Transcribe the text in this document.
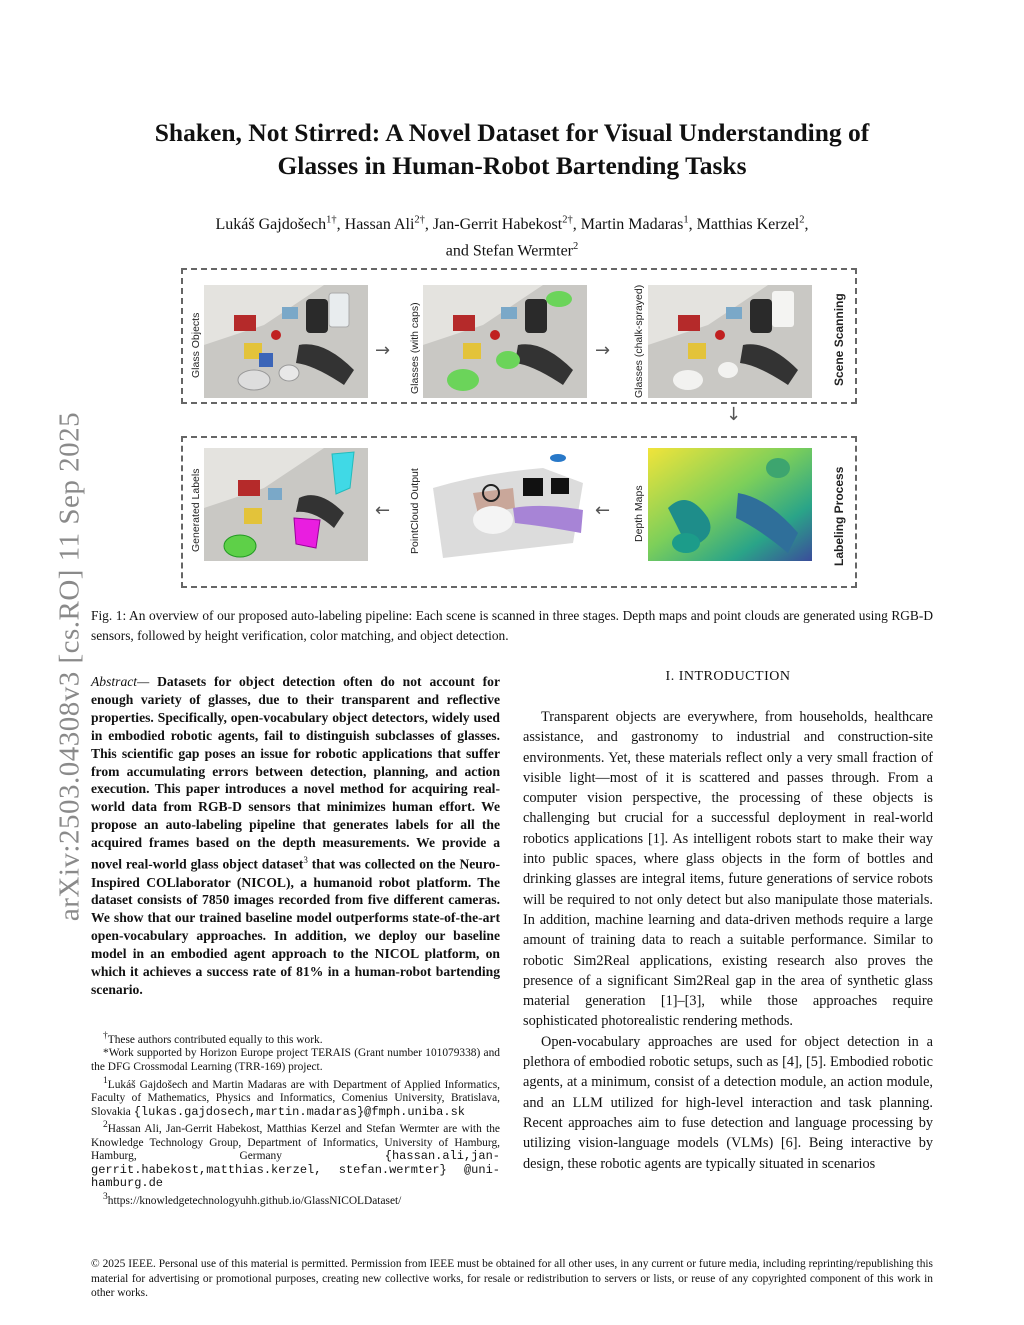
arXiv:2503.04308v3 [cs.RO] 11 Sep 2025
Shaken, Not Stirred: A Novel Dataset for Visual Understanding of
Glasses in Human-Robot Bartending Tasks
Lukáš Gajdošech$^{1\dagger}$, Hassan Ali$^{2\dagger}$, Jan-Gerrit Habekost$^{2\dagger}$, Martin Madaras$^1$, Matthias Kerzel$^2$,
and Stefan Wermter$^2$
Glass Objects	Glasses (with caps)	Glasses (chalk-sprayed)	Scene Scanning
→	→
↓
Generated Labels	PointCloud Output	Depth Maps	Labeling Process
←	←
Fig. 1: An overview of our proposed auto-labeling pipeline: Each scene is scanned in three stages. Depth maps and point clouds are generated using RGB-D sensors, followed by height verification, color matching, and object detection.
Abstract— Datasets for object detection often do not account for enough variety of glasses, due to their transparent and reflective properties. Specifically, open-vocabulary object detectors, widely used in embodied robotic agents, fail to distinguish subclasses of glasses. This scientific gap poses an issue for robotic applications that suffer from accumulating errors between detection, planning, and action execution. This paper introduces a novel method for acquiring real-world data from RGB-D sensors that minimizes human effort. We propose an auto-labeling pipeline that generates labels for all the acquired frames based on the depth measurements. We provide a novel real-world glass object dataset$^3$ that was collected on the Neuro-Inspired COLlaborator (NICOL), a humanoid robot platform. The dataset consists of 7850 images recorded from five different cameras. We show that our trained baseline model outperforms state-of-the-art open-vocabulary approaches. In addition, we deploy our baseline model in an embodied agent approach to the NICOL platform, on which it achieves a success rate of 81% in a human-robot bartending scenario.

†These authors contributed equally to this work.

*Work supported by Horizon Europe project TERAIS (Grant number 101079338) and the DFG Crossmodal Learning (TRR-169) project.

$^1$Lukáš Gajdošech and Martin Madaras are with Department of Applied Informatics, Faculty of Mathematics, Physics and Informatics, Comenius University, Bratislava, Slovakia {lukas.gajdosech,martin.madaras}@fmph.uniba.sk

$^2$Hassan Ali, Jan-Gerrit Habekost, Matthias Kerzel and Stefan Wermter are with the Knowledge Technology Group, Department of Informatics, University of Hamburg, Hamburg, Germany	{hassan.ali,jan-gerrit.habekost,matthias.kerzel, stefan.wermter} @uni-hamburg.de

$^3$https://knowledgetechnologyuhh.github.io/GlassNICOLDataset/

I. INTRODUCTION

Transparent objects are everywhere, from households, healthcare assistance, and gastronomy to industrial and construction-site environments. Yet, these materials reflect only a very small fraction of visible light—most of it is scattered and passes through. From a computer vision perspective, the processing of these objects is challenging but crucial for a successful deployment in real-world robotics applications [1]. As intelligent robots start to make their way into public spaces, where glass objects in the form of bottles and drinking glasses are integral items, future generations of service robots will be required to not only detect but also manipulate those materials. In addition, machine learning and data-driven methods require a large amount of training data to reach a suitable performance. Similar to robotic Sim2Real applications, existing research also proves the presence of a significant Sim2Real gap in the area of synthetic glass material generation [1]–[3], while those approaches require sophisticated photorealistic rendering methods.

Open-vocabulary approaches are used for object detection in a plethora of embodied robotic setups, such as [4], [5]. Embodied robotic agents, at a minimum, consist of a detection module, an action module, and an LLM utilized for high-level interaction and task planning. Recent approaches aim to fuse detection and language processing by utilizing vision-language models (VLMs) [6]. Being interactive by design, these robotic agents are typically situated in scenarios

© 2025 IEEE. Personal use of this material is permitted. Permission from IEEE must be obtained for all other uses, in any current or future media, including reprinting/republishing this material for advertising or promotional purposes, creating new collective works, for resale or redistribution to servers or lists, or reuse of any copyrighted component of this work in other works.
